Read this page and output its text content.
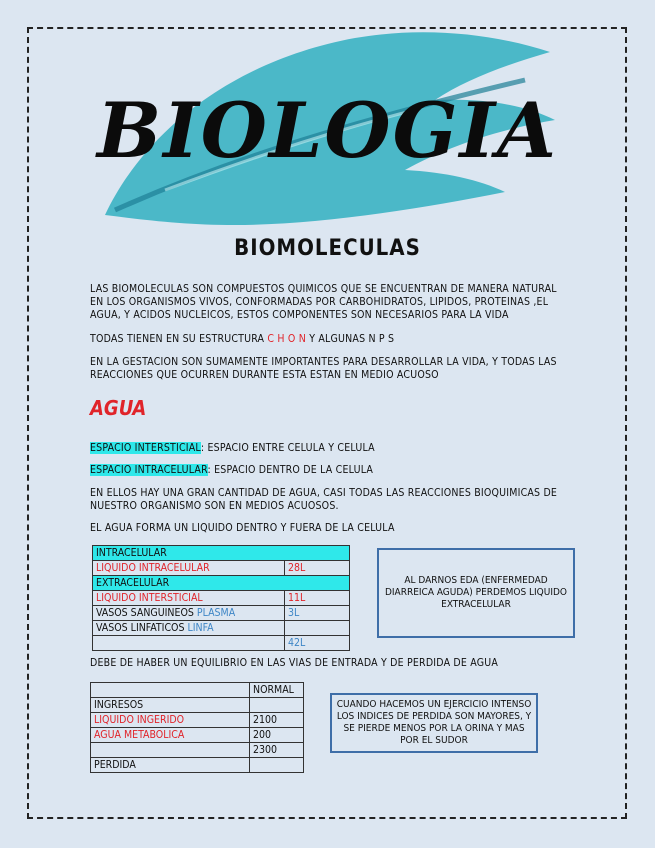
BIOLOGIA
BIOMOLECULAS
LAS BIOMOLECULAS SON COMPUESTOS QUIMICOS QUE SE ENCUENTRAN DE MANERA NATURAL EN LOS ORGANISMOS VIVOS, CONFORMADAS POR CARBOHIDRATOS, LIPIDOS, PROTEINAS ,EL AGUA, Y ACIDOS NUCLEICOS, ESTOS COMPONENTES SON NECESARIOS PARA LA VIDA
TODAS TIENEN EN SU ESTRUCTURA C H O N Y ALGUNAS N P S
EN LA GESTACION SON SUMAMENTE IMPORTANTES PARA DESARROLLAR LA VIDA, Y TODAS LAS REACCIONES QUE OCURREN DURANTE ESTA ESTAN EN MEDIO ACUOSO
AGUA
ESPACIO INTERSTICIAL: ESPACIO ENTRE CELULA Y CELULA
ESPACIO INTRACELULAR: ESPACIO DENTRO DE LA CELULA
EN ELLOS HAY UNA GRAN CANTIDAD DE AGUA, CASI TODAS LAS REACCIONES BIOQUIMICAS DE NUESTRO ORGANISMO SON EN MEDIOS ACUOSOS.
EL AGUA FORMA UN LIQUIDO DENTRO Y FUERA DE LA CELULA
INTRACELULAR	
LIQUIDO INTRACELULAR	28L
EXTRACELULAR	
LIQUIDO INTERSTICIAL	11L
VASOS SANGUINEOS PLASMA	3L
VASOS LINFATICOS LINFA	
	42L
AL DARNOS EDA (ENFERMEDAD DIARREICA AGUDA) PERDEMOS LIQUIDO EXTRACELULAR
DEBE DE HABER UN EQUILIBRIO EN LAS VIAS DE ENTRADA Y DE PERDIDA DE AGUA
	NORMAL
INGRESOS	
LIQUIDO INGERIDO	2100
AGUA METABOLICA	200
	2300
PERDIDA	
CUANDO HACEMOS UN EJERCICIO INTENSO LOS INDICES DE PERDIDA SON MAYORES, Y SE PIERDE MENOS POR LA ORINA Y MAS POR EL SUDOR
